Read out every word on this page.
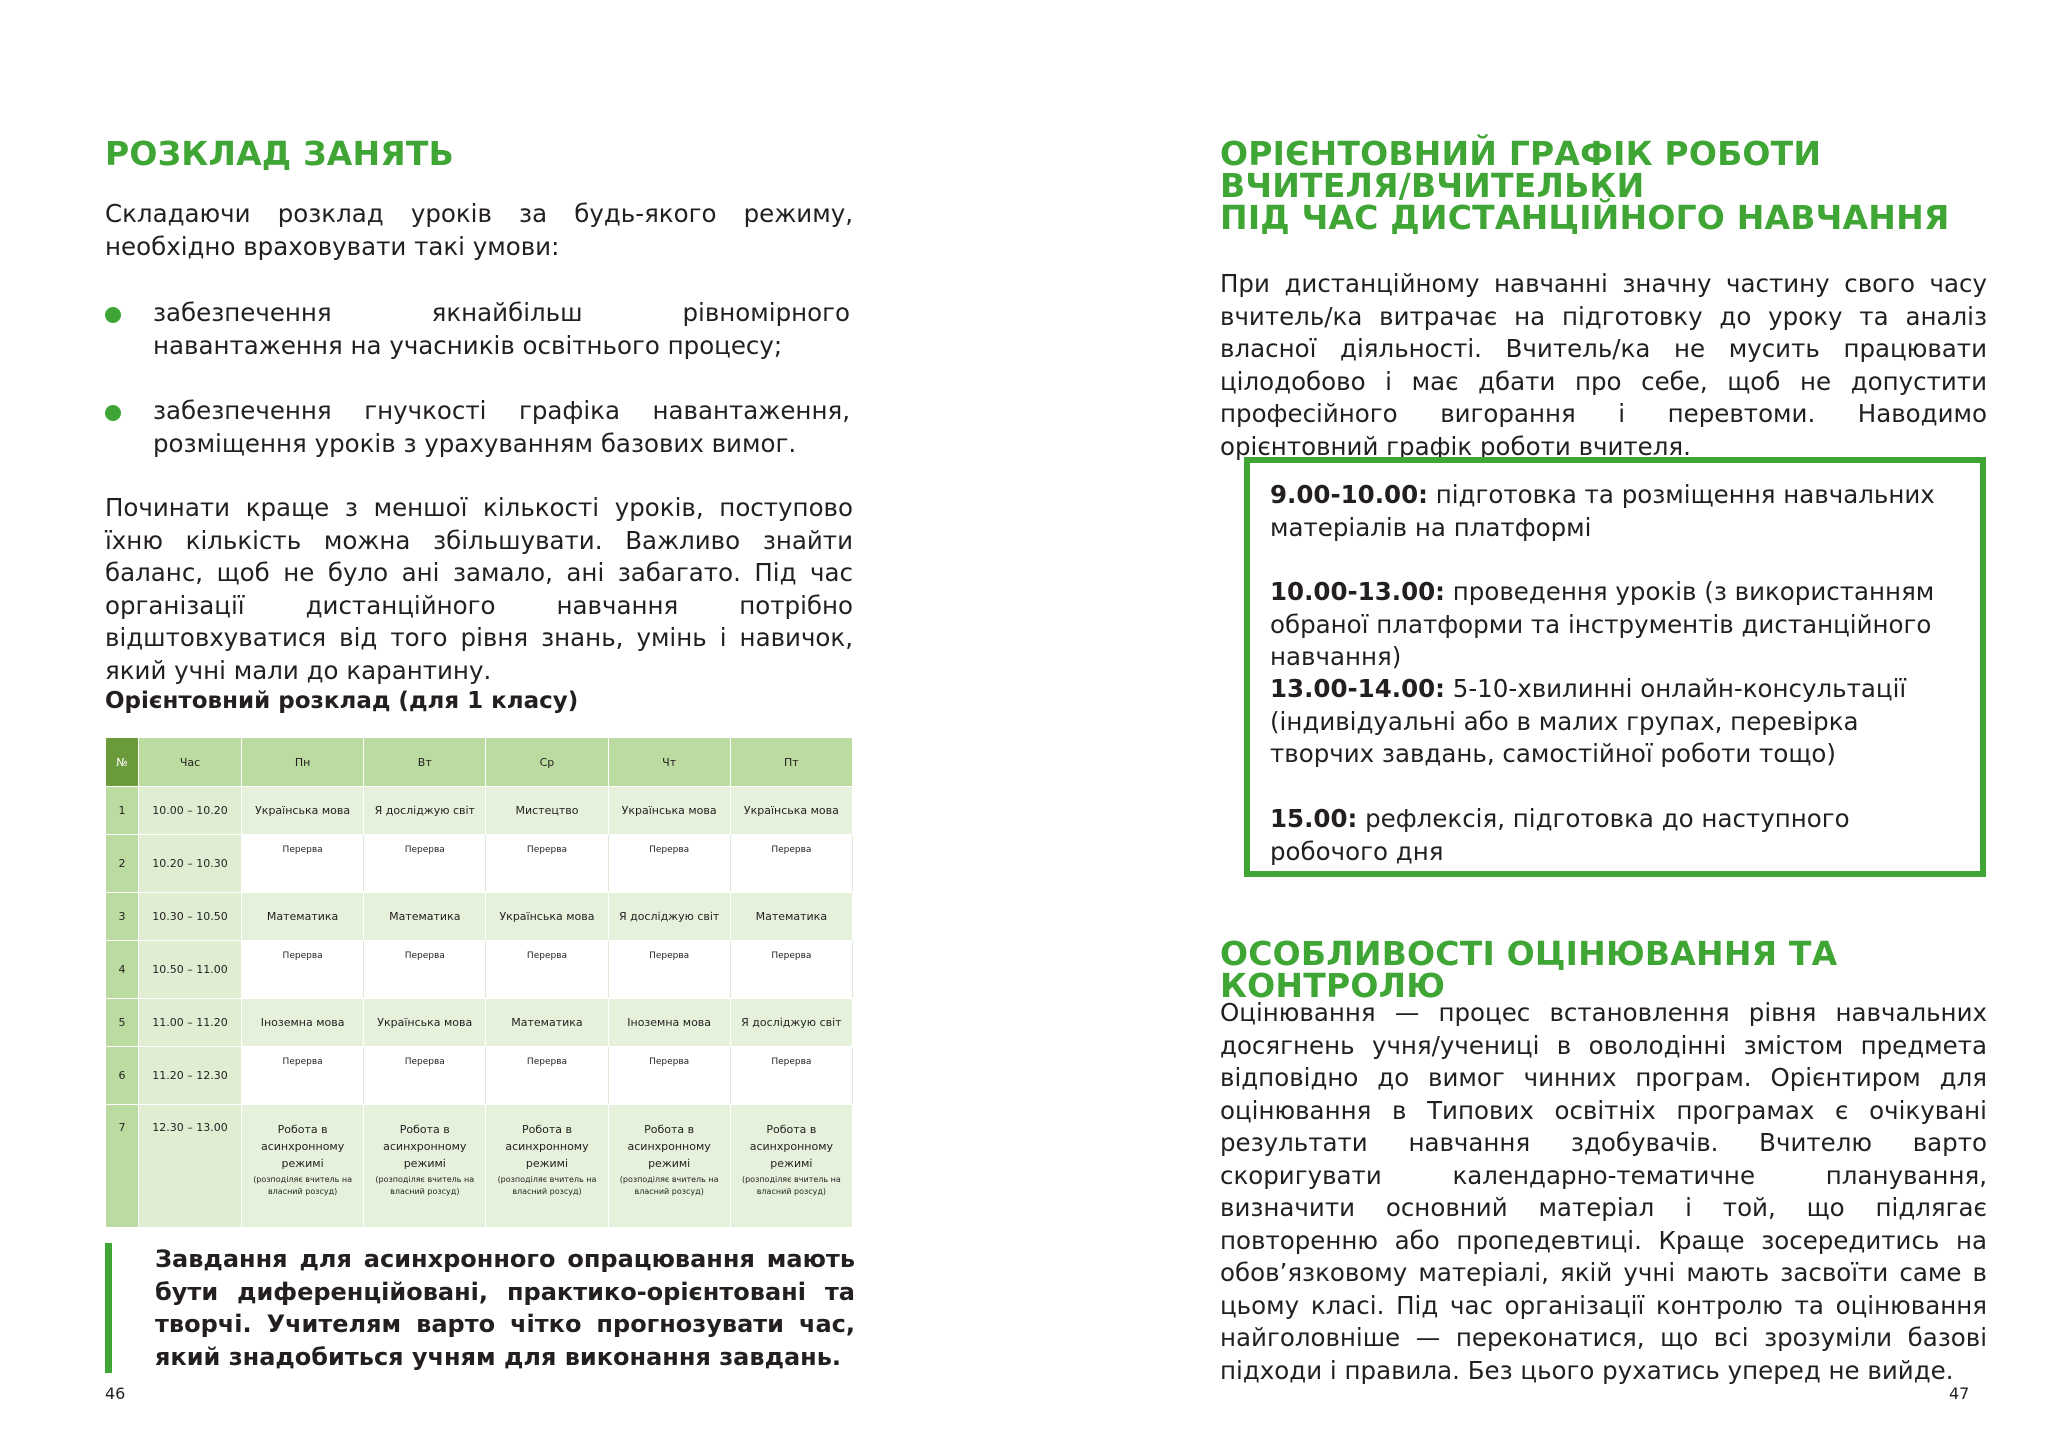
РОЗКЛАД ЗАНЯТЬ

Складаючи розклад уроків за будь-якого режиму, необхідно враховувати такі умови:

забезпечення якнайбільш рівномірного навантаження на учасників освітнього процесу;
забезпечення гнучкості графіка навантаження, розміщення уроків з урахуванням базових вимог.

Починати краще з меншої кількості уроків, поступово їхню кількість можна збільшувати. Важливо знайти баланс, щоб не було ані замало, ані забагато. Під час організації дистанційного навчання потрібно відштовхуватися від того рівня знань, умінь і навичок, який учні мали до карантину.

Орієнтовний розклад (для 1 класу)

№	Час	Пн	Вт	Ср	Чт	Пт
1	10.00 – 10.20	Українська мова	Я досліджую світ	Мистецтво	Українська мова	Українська мова
2	10.20 – 10.30	Перерва	Перерва	Перерва	Перерва	Перерва
3	10.30 – 10.50	Математика	Математика	Українська мова	Я досліджую світ	Математика
4	10.50 – 11.00	Перерва	Перерва	Перерва	Перерва	Перерва
5	11.00 – 11.20	Іноземна мова	Українська мова	Математика	Іноземна мова	Я досліджую світ
6	11.20 – 12.30	Перерва	Перерва	Перерва	Перерва	Перерва
7	12.30 – 13.00	Робота в асинхронному режимі
(розподіляє вчитель на власний розсуд)	Робота в асинхронному режимі
(розподіляє вчитель на власний розсуд)	Робота в асинхронному режимі
(розподіляє вчитель на власний розсуд)	Робота в асинхронному режимі
(розподіляє вчитель на власний розсуд)	Робота в асинхронному режимі
(розподіляє вчитель на власний розсуд)

Завдання для асинхронного опрацювання мають бути диференційовані, практико-орієнтовані та творчі. Учителям варто чітко прогнозувати час, який знадобиться учням для виконання завдань.

46
ОРІЄНТОВНИЙ ГРАФІК РОБОТИ
ВЧИТЕЛЯ/ВЧИТЕЛЬКИ
ПІД ЧАС ДИСТАНЦІЙНОГО НАВЧАННЯ

При дистанційному навчанні значну частину свого часу вчитель/ка витрачає на підготовку до уроку та аналіз власної діяльності. Вчитель/ка не мусить працювати цілодобово і має дбати про себе, щоб не допустити професійного вигорання і перевтоми. Наводимо орієнтовний графік роботи вчителя.

9.00-10.00: підготовка та розміщення навчальних матеріалів на платформі

10.00-13.00: проведення уроків (з використанням обраної платформи та інструментів дистанційного навчання)

13.00-14.00: 5-10-хвилинні онлайн-консультації (індивідуальні або в малих групах, перевірка творчих завдань, самостійної роботи тощо)

15.00: рефлексія, підготовка до наступного робочого дня

ОСОБЛИВОСТІ ОЦІНЮВАННЯ ТА КОНТРОЛЮ

Оцінювання — процес встановлення рівня навчальних досягнень учня/учениці в оволодінні змістом предмета відповідно до вимог чинних програм. Орієнтиром для оцінювання в Типових освітніх програмах є очікувані результати навчання здобувачів. Вчителю варто скоригувати календарно-тематичне планування, визначити основний матеріал і той, що підлягає повторенню або пропедевтиці. Краще зосередитись на обов’язковому матеріалі, якій учні мають засвоїти саме в цьому класі. Під час організації контролю та оцінювання найголовніше — переконатися, що всі зрозуміли базові підходи і правила. Без цього рухатись уперед не вийде.

47
